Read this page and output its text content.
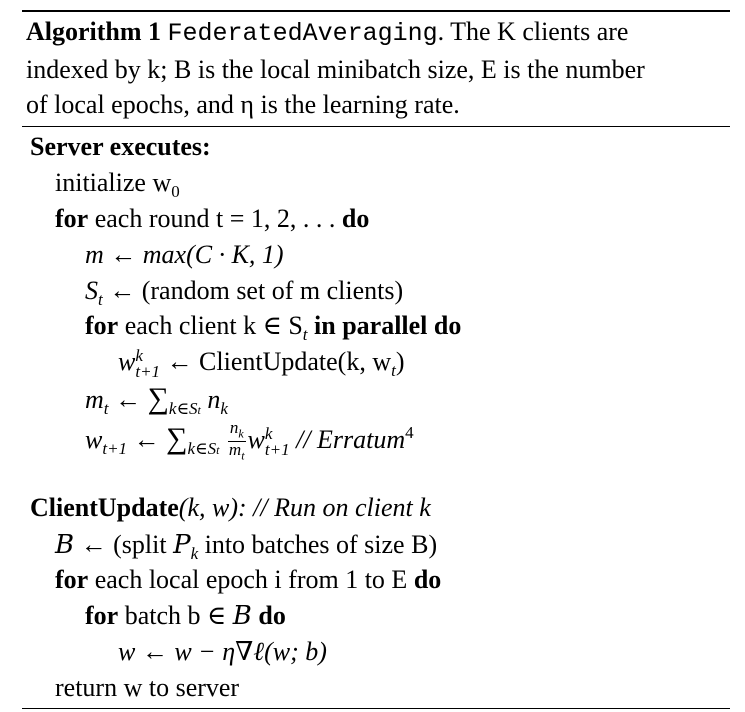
Algorithm 1 FederatedAveraging. The K clients are
indexed by k; B is the local minibatch size, E is the number
of local epochs, and η is the learning rate.
Server executes:
initialize $w_0$
for each round t = 1, 2, . . . do
m ← max(C · K, 1)
$S_t$ ← (random set of m clients)
for each client k ∈ $S_t$ in parallel do
w k
t+1 ← ClientUpdate(k, $w_t$)
$m_t$ ← $\sum_{k\in St}$ $n_k$
$w_{t+1}$ ← $\sum_{k\in St} \frac{n_k}{m_t}$ w k
t+1 // Erratum$^4$
ClientUpdate(k, w): // Run on client k
B ← (split $P_k$ into batches of size B)
for each local epoch i from 1 to E do
for batch b ∈ B do
w ← w − η∇ℓ(w; b)
return w to server
